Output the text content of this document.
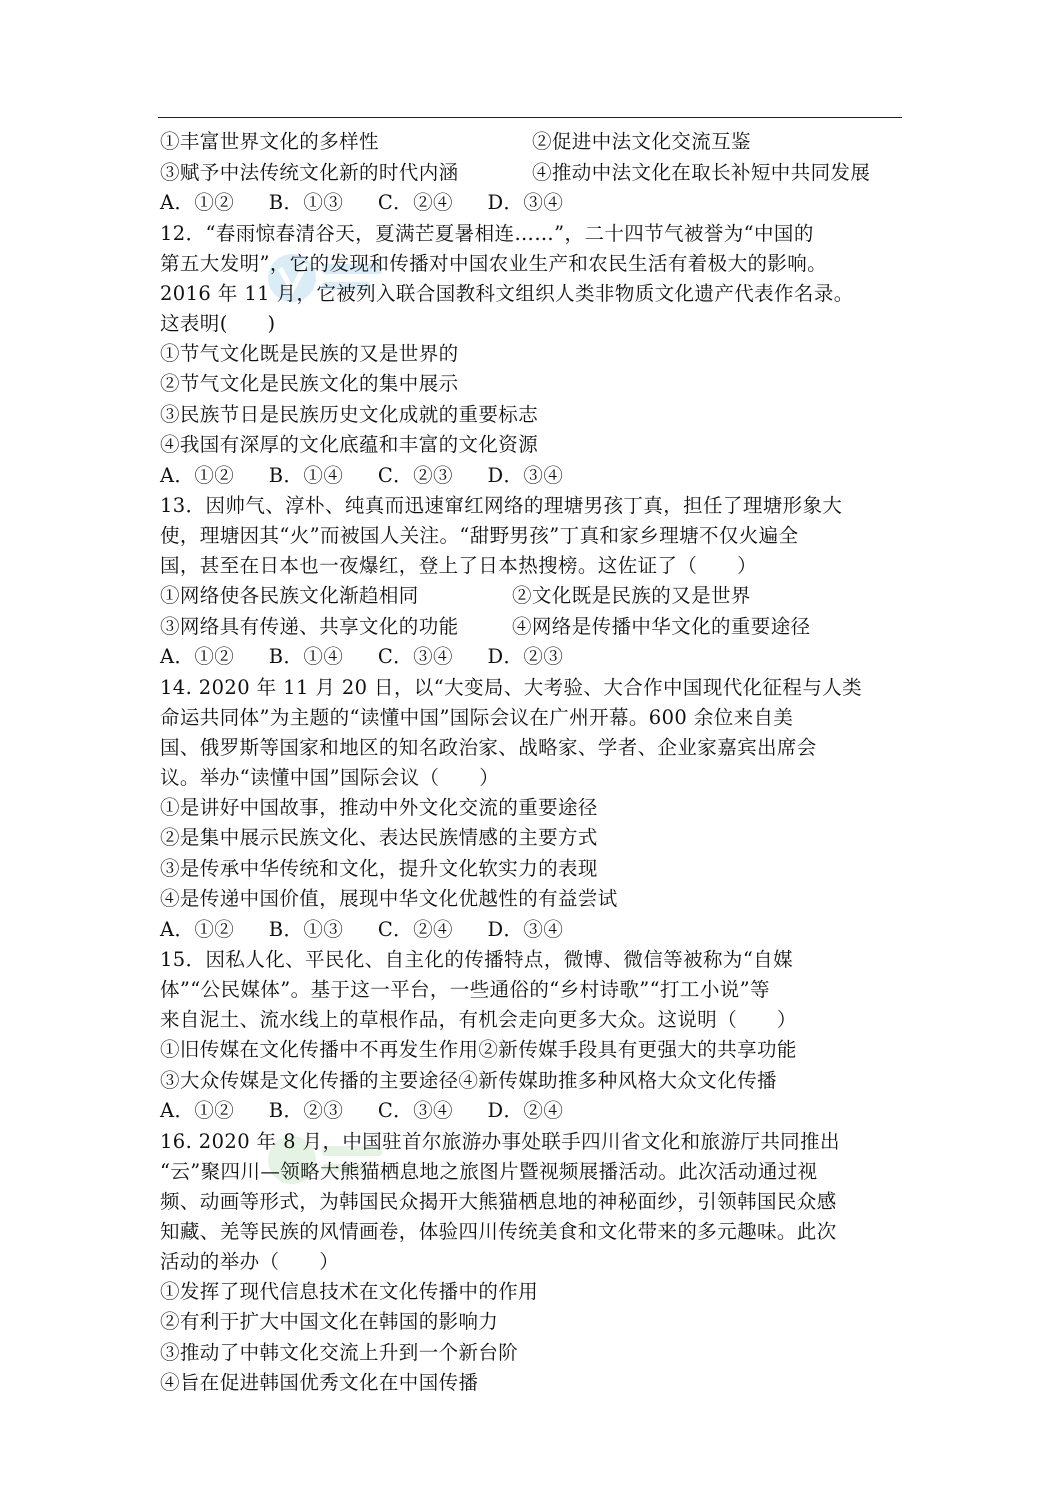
①丰富世界文化的多样性	②促进中法文化交流互鉴
③赋予中法传统文化新的时代内涵	④推动中法文化在取长补短中共同发展
A．①② B．①③ C．②④ D．③④
12．“春雨惊春清谷天，夏满芒夏暑相连……”，二十四节气被誉为“中国的
第五大发明”，它的发现和传播对中国农业生产和农民生活有着极大的影响。
2016 年 11 月，它被列入联合国教科文组织人类非物质文化遗产代表作名录。
这表明(　　)
①节气文化既是民族的又是世界的
②节气文化是民族文化的集中展示
③民族节日是民族历史文化成就的重要标志
④我国有深厚的文化底蕴和丰富的文化资源
A．①② B．①④ C．②③ D．③④
13．因帅气、淳朴、纯真而迅速窜红网络的理塘男孩丁真，担任了理塘形象大
使，理塘因其“火”而被国人关注。“甜野男孩”丁真和家乡理塘不仅火遍全
国，甚至在日本也一夜爆红，登上了日本热搜榜。这佐证了（　　）
①网络使各民族文化渐趋相同	②文化既是民族的又是世界
③网络具有传递、共享文化的功能	④网络是传播中华文化的重要途径
A．①② B．①④ C．③④ D．②③
14. 2020 年 11 月 20 日，以“大变局、大考验、大合作中国现代化征程与人类
命运共同体”为主题的“读懂中国”国际会议在广州开幕。600 余位来自美
国、俄罗斯等国家和地区的知名政治家、战略家、学者、企业家嘉宾出席会
议。举办“读懂中国”国际会议（　　）
①是讲好中国故事，推动中外文化交流的重要途径
②是集中展示民族文化、表达民族情感的主要方式
③是传承中华传统和文化，提升文化软实力的表现
④是传递中国价值，展现中华文化优越性的有益尝试
A．①② B．①③ C．②④ D．③④
15．因私人化、平民化、自主化的传播特点，微博、微信等被称为“自媒
体”“公民媒体”。基于这一平台，一些通俗的“乡村诗歌”“打工小说”等
来自泥土、流水线上的草根作品，有机会走向更多大众。这说明（　　）
①旧传媒在文化传播中不再发生作用②新传媒手段具有更强大的共享功能
③大众传媒是文化传播的主要途径④新传媒助推多种风格大众文化传播
A．①② B．②③ C．③④ D．②④
16. 2020 年 8 月，中国驻首尔旅游办事处联手四川省文化和旅游厅共同推出
“云”聚四川—领略大熊猫栖息地之旅图片暨视频展播活动。此次活动通过视
频、动画等形式，为韩国民众揭开大熊猫栖息地的神秘面纱，引领韩国民众感
知藏、羌等民族的风情画卷，体验四川传统美食和文化带来的多元趣味。此次
活动的举办（　　）
①发挥了现代信息技术在文化传播中的作用
②有利于扩大中国文化在韩国的影响力
③推动了中韩文化交流上升到一个新台阶
④旨在促进韩国优秀文化在中国传播
